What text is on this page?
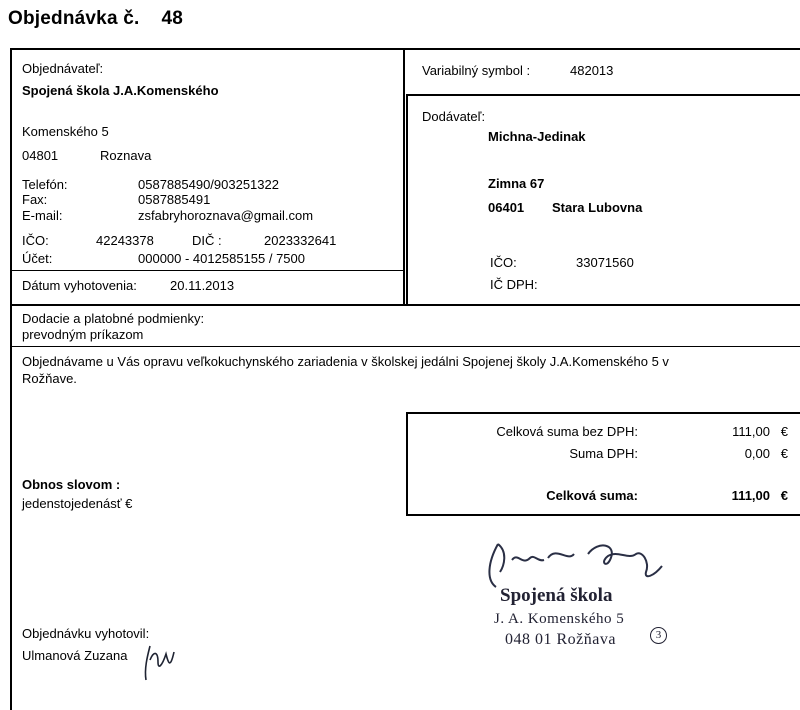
Objednávka č. 48
Objednávateľ:
Spojená škola J.A.Komenského
Komenského 5
04801	Roznava
Telefón:	0587885490/903251322
Fax:	0587885491
E-mail:	zsfabryhoroznava@gmail.com
IČO:	42243378	DIČ :	2023332641
Účet:	000000 - 4012585155 / 7500
Dátum vyhotovenia:	20.11.2013
Variabilný symbol :	482013
Dodávateľ:
Michna-Jedinak
Zimna 67
06401 Stara Lubovna
IČO:	33071560
IČ DPH:
Dodacie a platobné podmienky:
prevodným príkazom
Objednávame u Vás opravu veľkokuchynského zariadenia v školskej jedálni Spojenej školy J.A.Komenského 5 v
Rožňave.
Celková suma bez DPH:	111,00 €
Suma DPH:	0,00 €
Celková suma:	111,00 €
Obnos slovom :
jedenstojedenásť €
Spojená škola
J. A. Komenského 5
048 01 Rožňava	3
Objednávku vyhotovil:
Ulmanová Zuzana
